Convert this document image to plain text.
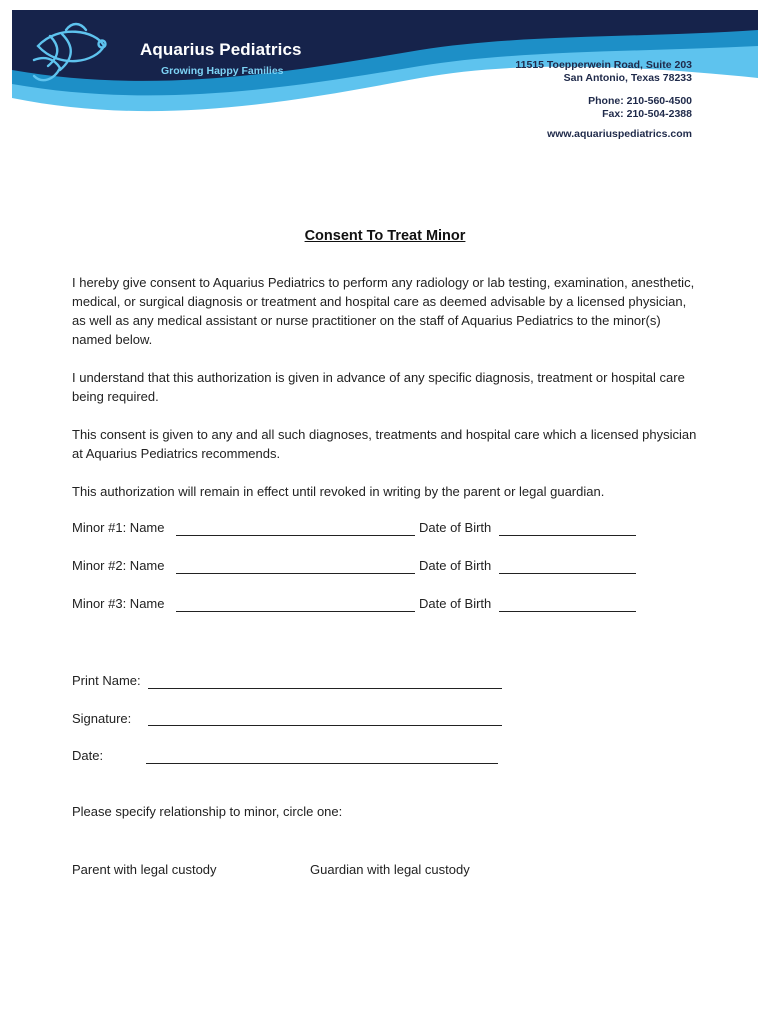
Aquarius Pediatrics
Growing Happy Families	11515 Toepperwein Road, Suite 203
San Antonio, Texas 78233
Phone: 210-560-4500
Fax: 210-504-2388
www.aquariuspediatrics.com
Consent To Treat Minor

I hereby give consent to Aquarius Pediatrics to perform any radiology or lab testing, examination, anesthetic, medical, or surgical diagnosis or treatment and hospital care as deemed advisable by a licensed physician, as well as any medical assistant or nurse practitioner on the staff of Aquarius Pediatrics to the minor(s) named below.

I understand that this authorization is given in advance of any specific diagnosis, treatment or hospital care being required.

This consent is given to any and all such diagnoses, treatments and hospital care which a licensed physician at Aquarius Pediatrics recommends.

This authorization will remain in effect until revoked in writing by the parent or legal guardian.

Minor #1: Name	Date of Birth
Minor #2: Name	Date of Birth
Minor #3: Name	Date of Birth
Print Name:
Signature:
Date:
Please specify relationship to minor, circle one:
Parent with legal custody	Guardian with legal custody
